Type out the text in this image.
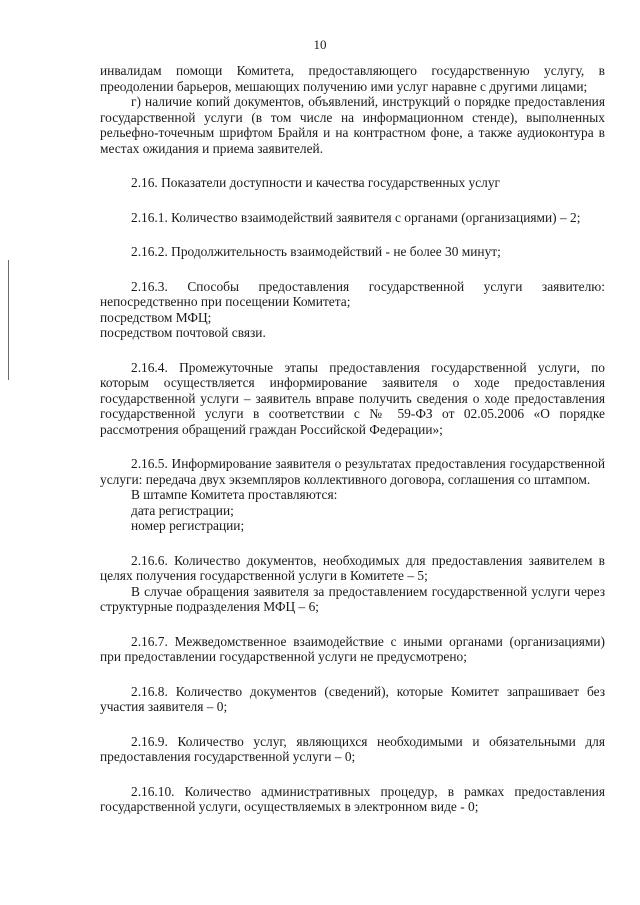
10

инвалидам помощи Комитета, предоставляющего государственную услугу, в преодолении барьеров, мешающих получению ими услуг наравне с другими лицами;

г) наличие копий документов, объявлений, инструкций о порядке предоставления государственной услуги (в том числе на информационном стенде), выполненных рельефно-точечным шрифтом Брайля и на контрастном фоне, а также аудиоконтура в местах ожидания и приема заявителей.

2.16. Показатели доступности и качества государственных услуг

2.16.1. Количество взаимодействий заявителя с органами (организациями) – 2;

2.16.2. Продолжительность взаимодействий - не более 30 минут;

2.16.3. Способы предоставления государственной услуги заявителю:

непосредственно при посещении Комитета;

посредством МФЦ;

посредством почтовой связи.

2.16.4. Промежуточные этапы предоставления государственной услуги, по которым осуществляется информирование заявителя о ходе предоставления государственной услуги – заявитель вправе получить сведения о ходе предоставления государственной услуги в соответствии с № 59-ФЗ от 02.05.2006 «О порядке рассмотрения обращений граждан Российской Федерации»;

2.16.5. Информирование заявителя о результатах предоставления государственной услуги: передача двух экземпляров коллективного договора, соглашения со штампом.

В штампе Комитета проставляются:

дата регистрации;

номер регистрации;

2.16.6. Количество документов, необходимых для предоставления заявителем в целях получения государственной услуги в Комитете – 5;

В случае обращения заявителя за предоставлением государственной услуги через структурные подразделения МФЦ – 6;

2.16.7. Межведомственное взаимодействие с иными органами (организациями) при предоставлении государственной услуги не предусмотрено;

2.16.8. Количество документов (сведений), которые Комитет запрашивает без участия заявителя – 0;

2.16.9. Количество услуг, являющихся необходимыми и обязательными для предоставления государственной услуги – 0;

2.16.10. Количество административных процедур, в рамках предоставления государственной услуги, осуществляемых в электронном виде - 0;
